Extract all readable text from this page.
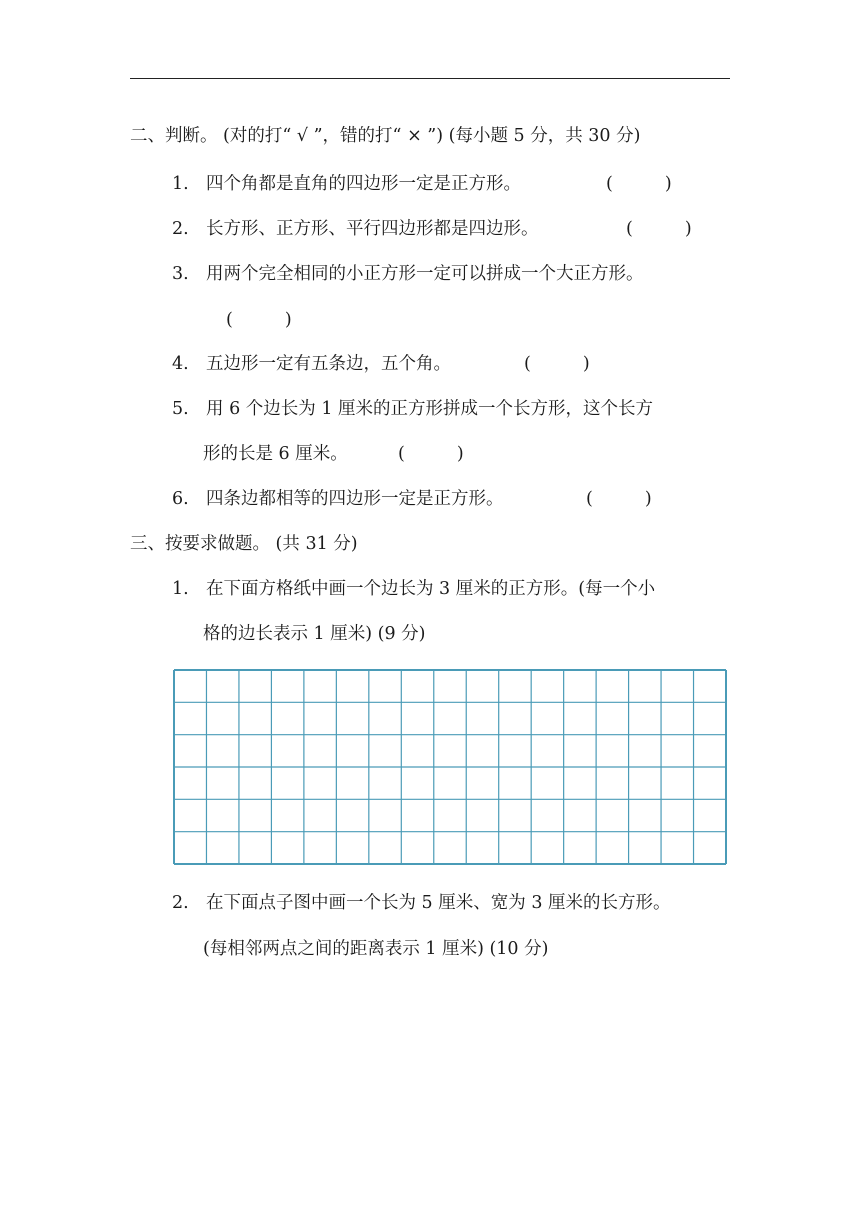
二、判断。 (对的打“ √ ”，错的打“ × ”) (每小题 5 分，共 30 分)
1. 四个角都是直角的四边形一定是正方形。	(	)
2. 长方形、正方形、平行四边形都是四边形。	(	)
3. 用两个完全相同的小正方形一定可以拼成一个大正方形。
(	)
4. 五边形一定有五条边，五个角。	(	)
5. 用 6 个边长为 1 厘米的正方形拼成一个长方形，这个长方
形的长是 6 厘米。	(	)
6. 四条边都相等的四边形一定是正方形。	(	)
三、按要求做题。 (共 31 分)
1. 在下面方格纸中画一个边长为 3 厘米的正方形。(每一个小
格的边长表示 1 厘米) (9 分)
2. 在下面点子图中画一个长为 5 厘米、宽为 3 厘米的长方形。
(每相邻两点之间的距离表示 1 厘米) (10 分)
